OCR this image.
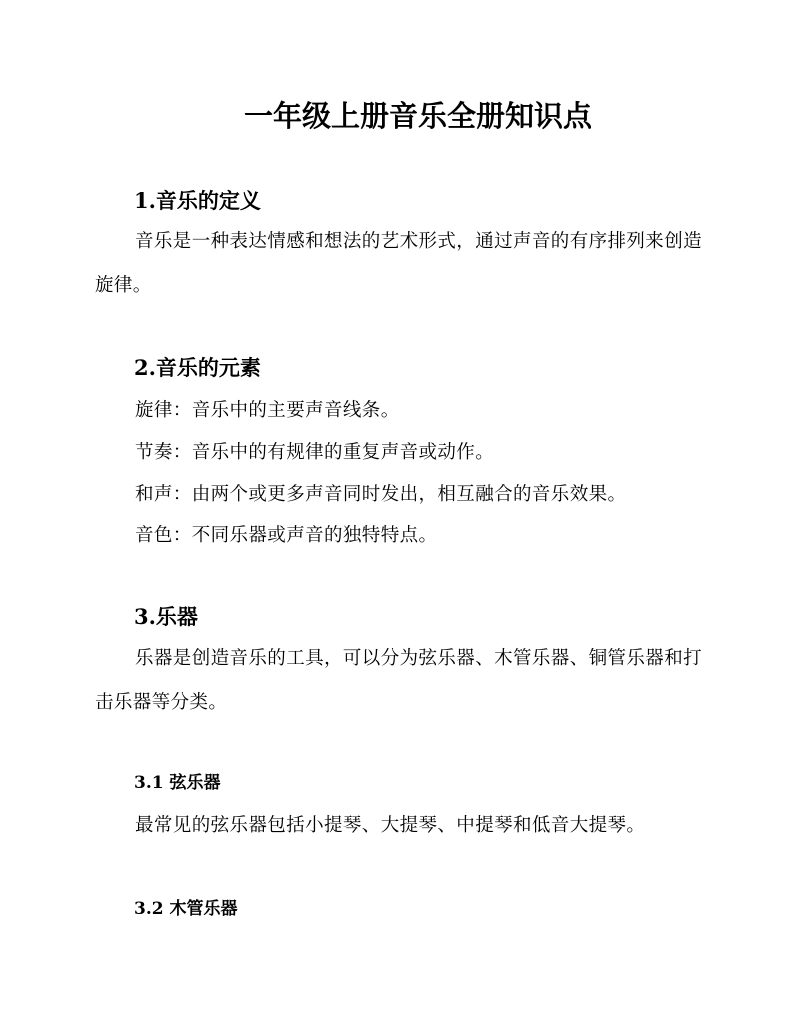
一年级上册音乐全册知识点
1.音乐的定义
音乐是一种表达情感和想法的艺术形式，通过声音的有序排列来创造旋律。
2.音乐的元素
旋律：音乐中的主要声音线条。
节奏：音乐中的有规律的重复声音或动作。
和声：由两个或更多声音同时发出，相互融合的音乐效果。
音色：不同乐器或声音的独特特点。
3.乐器
乐器是创造音乐的工具，可以分为弦乐器、木管乐器、铜管乐器和打击乐器等分类。
3.1 弦乐器
最常见的弦乐器包括小提琴、大提琴、中提琴和低音大提琴。
3.2 木管乐器
